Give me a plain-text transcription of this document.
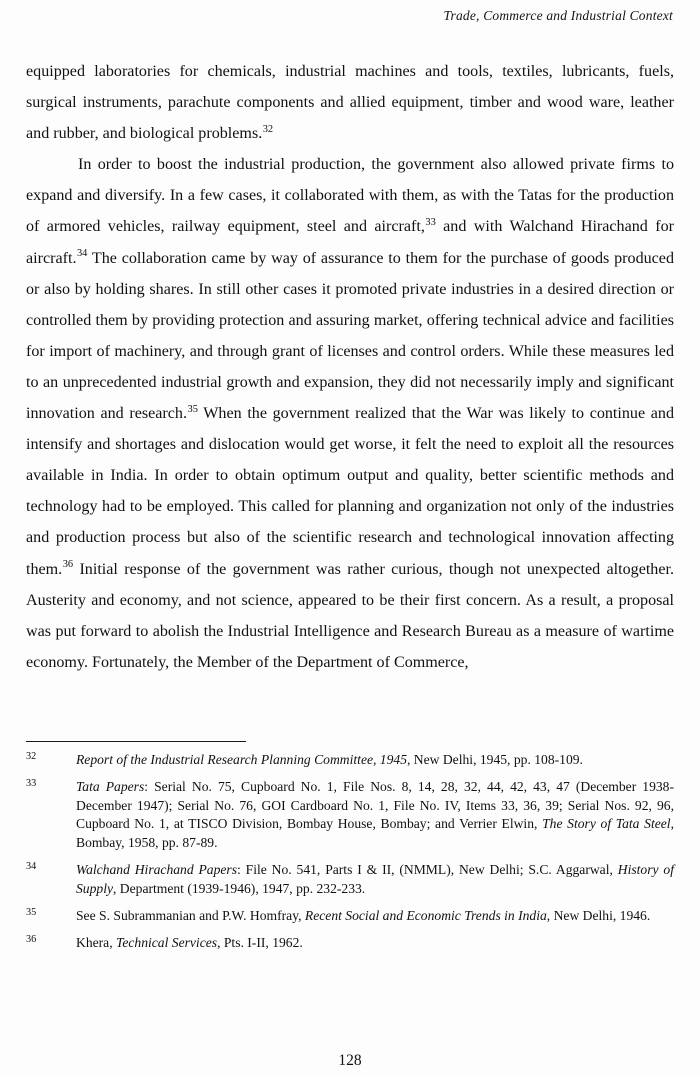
Trade, Commerce and Industrial Context

equipped laboratories for chemicals, industrial machines and tools, textiles, lubricants, fuels, surgical instruments, parachute components and allied equipment, timber and wood ware, leather and rubber, and biological problems.$^{32}$

In order to boost the industrial production, the government also allowed private firms to expand and diversify. In a few cases, it collaborated with them, as with the Tatas for the production of armored vehicles, railway equipment, steel and aircraft,$^{33}$ and with Walchand Hirachand for aircraft.$^{34}$ The collaboration came by way of assurance to them for the purchase of goods produced or also by holding shares. In still other cases it promoted private industries in a desired direction or controlled them by providing protection and assuring market, offering technical advice and facilities for import of machinery, and through grant of licenses and control orders. While these measures led to an unprecedented industrial growth and expansion, they did not necessarily imply and significant innovation and research.$^{35}$ When the government realized that the War was likely to continue and intensify and shortages and dislocation would get worse, it felt the need to exploit all the resources available in India. In order to obtain optimum output and quality, better scientific methods and technology had to be employed. This called for planning and organization not only of the industries and production process but also of the scientific research and technological innovation affecting them.$^{36}$ Initial response of the government was rather curious, though not unexpected altogether. Austerity and economy, and not science, appeared to be their first concern. As a result, a proposal was put forward to abolish the Industrial Intelligence and Research Bureau as a measure of wartime economy. Fortunately, the Member of the Department of Commerce,

32	Report of the Industrial Research Planning Committee, 1945, New Delhi, 1945, pp. 108-109.
33	Tata Papers: Serial No. 75, Cupboard No. 1, File Nos. 8, 14, 28, 32, 44, 42, 43, 47 (December 1938-December 1947); Serial No. 76, GOI Cardboard No. 1, File No. IV, Items 33, 36, 39; Serial Nos. 92, 96, Cupboard No. 1, at TISCO Division, Bombay House, Bombay; and Verrier Elwin, The Story of Tata Steel, Bombay, 1958, pp. 87-89.
34	Walchand Hirachand Papers: File No. 541, Parts I & II, (NMML), New Delhi; S.C. Aggarwal, History of Supply, Department (1939-1946), 1947, pp. 232-233.
35	See S. Subrammanian and P.W. Homfray, Recent Social and Economic Trends in India, New Delhi, 1946.
36	Khera, Technical Services, Pts. I-II, 1962.
128
